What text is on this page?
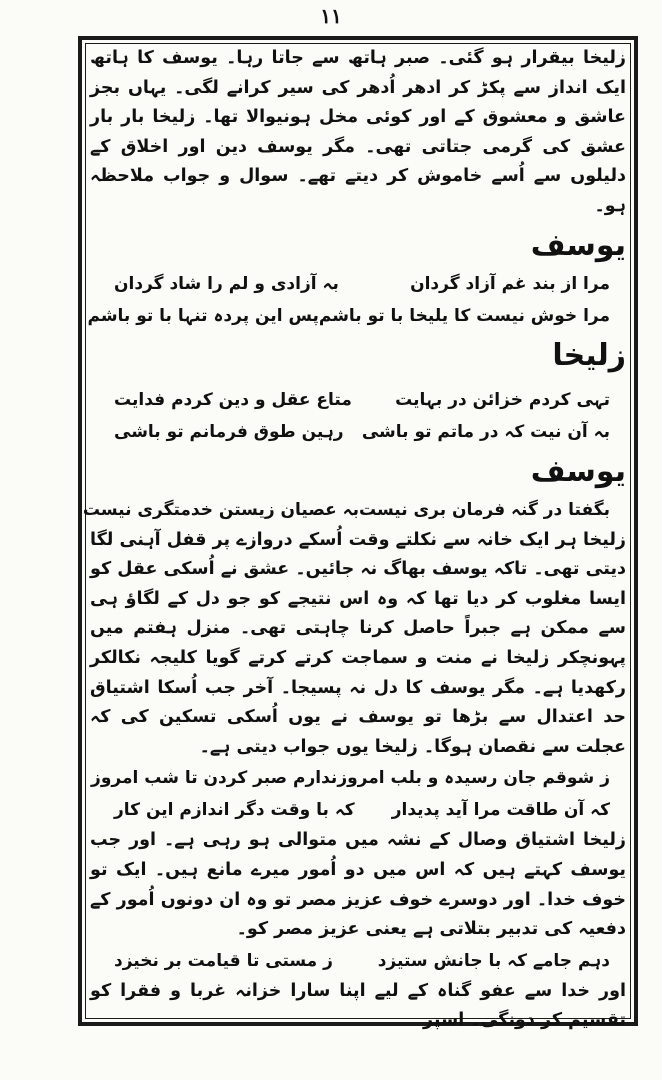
١١

زلیخا بیقرار ہو گئی۔ صبر ہاتھ سے جاتا رہا۔ یوسف کا ہاتھ ایک انداز سے پکڑ کر ادھر اُدھر کی سیر کرانے لگی۔ یہاں بجز عاشق و معشوق کے اور کوئی مخل ہونیوالا تھا۔ زلیخا بار بار عشق کی گرمی جتاتی تھی۔ مگر یوسف دین اور اخلاق کے دلیلوں سے اُسے خاموش کر دیتے تھے۔ سوال و جواب ملاحظہ ہو۔

یوسف
مرا از بند غم آزاد گردان
بہ آزادی و لم را شاد گردان
مرا خوش نیست کا یلیخا با تو باشم
پس این پردہ تنہا با تو باشم
زلیخا
تہی کردم خزائن در بہایت
متاع عقل و دین کردم فدایت
بہ آن نیت کہ در ماتم تو باشی
رہین طوق فرمانم تو باشی
یوسف
بگفتا در گنہ فرمان بری نیست
بہ عصیان زیستن خدمتگری نیست

زلیخا ہر ایک خانہ سے نکلتے وقت اُسکے دروازے پر قفل آہنی لگا دیتی تھی۔ تاکہ یوسف بھاگ نہ جائیں۔ عشق نے اُسکی عقل کو ایسا مغلوب کر دیا تھا کہ وہ اس نتیجے کو جو دل کے لگاؤ ہی سے ممکن ہے جبراً حاصل کرنا چاہتی تھی۔ منزل ہفتم میں پہونچکر زلیخا نے منت و سماجت کرتے کرتے گویا کلیجہ نکالکر رکھدیا ہے۔ مگر یوسف کا دل نہ پسیجا۔ آخر جب اُسکا اشتیاق حد اعتدال سے بڑھا تو یوسف نے یوں اُسکی تسکین کی کہ عجلت سے نقصان ہوگا۔ زلیخا یوں جواب دیتی ہے۔

ز شوقم جان رسیدہ و بلب امروز
ندارم صبر کردن تا شب امروز
کہ آن طاقت مرا آید پدیدار
کہ با وقت دگر اندازم این کار

زلیخا اشتیاق وصال کے نشہ میں متوالی ہو رہی ہے۔ اور جب یوسف کہتے ہیں کہ اس میں دو اُمور میرے مانع ہیں۔ ایک تو خوف خدا۔ اور دوسرے خوف عزیز مصر تو وہ ان دونوں اُمور کے دفعیہ کی تدبیر بتلاتی ہے یعنی عزیز مصر کو۔

دہم جامے کہ با جانش ستیزد
ز مستی تا قیامت بر نخیزد

اور خدا سے عفو گناہ کے لیے اپنا سارا خزانہ غربا و فقرا کو تقسیم کر دونگی۔ اسپر
